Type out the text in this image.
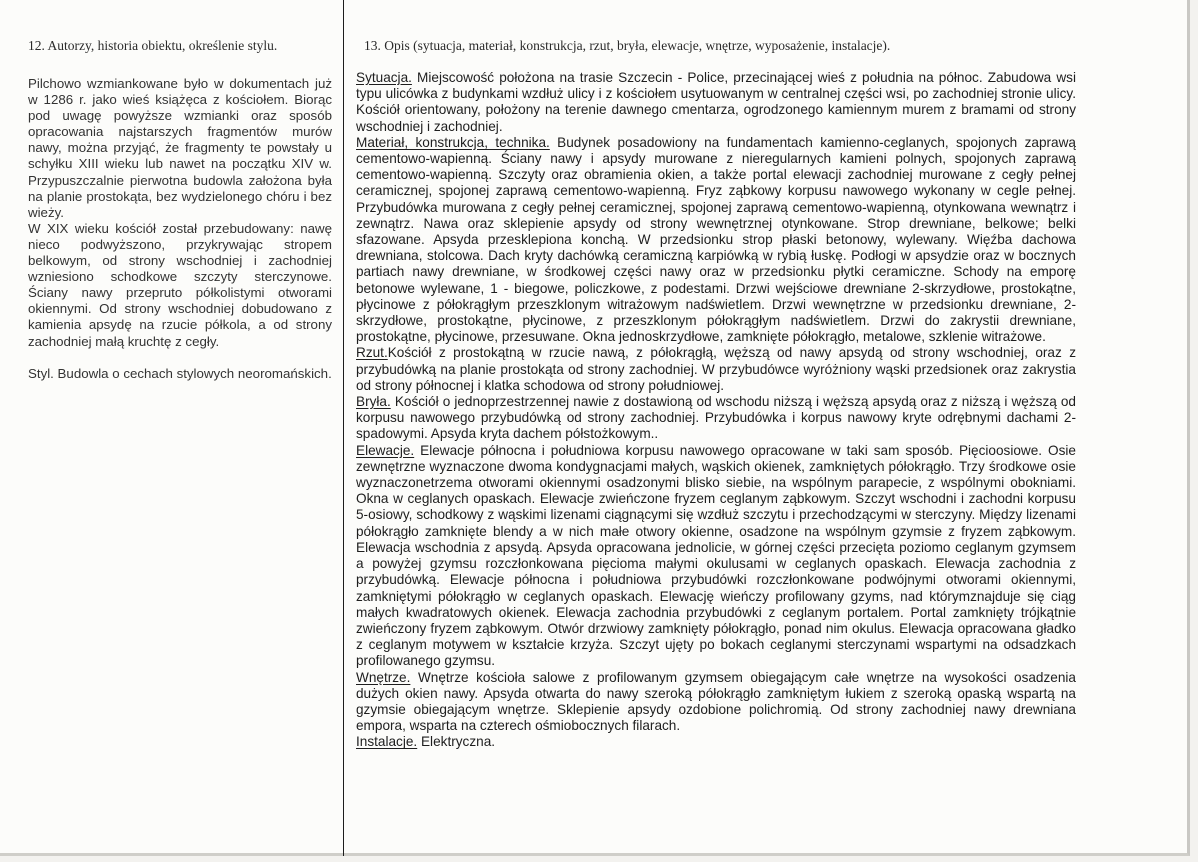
12. Autorzy, historia obiektu, określenie stylu.

Pilchowo wzmiankowane było w dokumentach już w 1286 r. jako wieś książęca z kościołem. Biorąc pod uwagę powyższe wzmianki oraz sposób opracowania najstarszych fragmentów murów nawy, można przyjąć, że fragmenty te powstały u schyłku XIII wieku lub nawet na początku XIV w. Przypuszczalnie pierwotna budowla założona była na planie prostokąta, bez wydzielonego chóru i bez wieży.

W XIX wieku kościół został przebudowany: nawę nieco podwyższono, przykrywając stropem belkowym, od strony wschodniej i zachodniej wzniesiono schodkowe szczyty sterczynowe. Ściany nawy przepruto półkolistymi otworami okiennymi. Od strony wschodniej dobudowano z kamienia apsydę na rzucie półkola, a od strony zachodniej małą kruchtę z cegły.

Styl. Budowla o cechach stylowych neoromańskich.

13. Opis (sytuacja, materiał, konstrukcja, rzut, bryła, elewacje, wnętrze, wyposażenie, instalacje).

Sytuacja. Miejscowość położona na trasie Szczecin - Police, przecinającej wieś z południa na północ. Zabudowa wsi typu ulicówka z budynkami wzdłuż ulicy i z kościołem usytuowanym w centralnej części wsi, po zachodniej stronie ulicy. Kościół orientowany, położony na terenie dawnego cmentarza, ogrodzonego kamiennym murem z bramami od strony wschodniej i zachodniej.

Materiał, konstrukcja, technika. Budynek posadowiony na fundamentach kamienno-ceglanych, spojonych zaprawą cementowo-wapienną. Ściany nawy i apsydy murowane z nieregularnych kamieni polnych, spojonych zaprawą cementowo-wapienną. Szczyty oraz obramienia okien, a także portal elewacji zachodniej murowane z cegły pełnej ceramicznej, spojonej zaprawą cementowo-wapienną. Fryz ząbkowy korpusu nawowego wykonany w cegle pełnej. Przybudówka murowana z cegły pełnej ceramicznej, spojonej zaprawą cementowo-wapienną, otynkowana wewnątrz i zewnątrz. Nawa oraz sklepienie apsydy od strony wewnętrznej otynkowane. Strop drewniane, belkowe; belki sfazowane. Apsyda przesklepiona konchą. W przedsionku strop płaski betonowy, wylewany. Więźba dachowa drewniana, stolcowa. Dach kryty dachówką ceramiczną karpiówką w rybią łuskę. Podłogi w apsydzie oraz w bocznych partiach nawy drewniane, w środkowej części nawy oraz w przedsionku płytki ceramiczne. Schody na emporę betonowe wylewane, 1 - biegowe, policzkowe, z podestami. Drzwi wejściowe drewniane 2-skrzydłowe, prostokątne, płycinowe z półokrągłym przeszklonym witrażowym nadświetlem. Drzwi wewnętrzne w przedsionku drewniane, 2-skrzydłowe, prostokątne, płycinowe, z przeszklonym półokrągłym nadświetlem. Drzwi do zakrystii drewniane, prostokątne, płycinowe, przesuwane. Okna jednoskrzydłowe, zamknięte półokrągło, metalowe, szklenie witrażowe.

Rzut.Kościół z prostokątną w rzucie nawą, z półokrągłą, węższą od nawy apsydą od strony wschodniej, oraz z przybudówką na planie prostokąta od strony zachodniej. W przybudówce wyróżniony wąski przedsionek oraz zakrystia od strony północnej i klatka schodowa od strony południowej.

Bryła. Kościół o jednoprzestrzennej nawie z dostawioną od wschodu niższą i węższą apsydą oraz z niższą i węższą od korpusu nawowego przybudówką od strony zachodniej. Przybudówka i korpus nawowy kryte odrębnymi dachami 2-spadowymi. Apsyda kryta dachem półstożkowym..

Elewacje. Elewacje północna i południowa korpusu nawowego opracowane w taki sam sposób. Pięcioosiowe. Osie zewnętrzne wyznaczone dwoma kondygnacjami małych, wąskich okienek, zamkniętych półokrągło. Trzy środkowe osie wyznaczonetrzema otworami okiennymi osadzonymi blisko siebie, na wspólnym parapecie, z wspólnymi obokniami. Okna w ceglanych opaskach. Elewacje zwieńczone fryzem ceglanym ząbkowym. Szczyt wschodni i zachodni korpusu 5-osiowy, schodkowy z wąskimi lizenami ciągnącymi się wzdłuż szczytu i przechodzącymi w sterczyny. Między lizenami półokrągło zamknięte blendy a w nich małe otwory okienne, osadzone na wspólnym gzymsie z fryzem ząbkowym. Elewacja wschodnia z apsydą. Apsyda opracowana jednolicie, w górnej części przecięta poziomo ceglanym gzymsem a powyżej gzymsu rozczłonkowana pięcioma małymi okulusami w ceglanych opaskach. Elewacja zachodnia z przybudówką. Elewacje północna i południowa przybudówki rozczłonkowane podwójnymi otworami okiennymi, zamkniętymi półokrągło w ceglanych opaskach. Elewację wieńczy profilowany gzyms, nad którymznajduje się ciąg małych kwadratowych okienek. Elewacja zachodnia przybudówki z ceglanym portalem. Portal zamknięty trójkątnie zwieńczony fryzem ząbkowym. Otwór drzwiowy zamknięty półokrągło, ponad nim okulus. Elewacja opracowana gładko z ceglanym motywem w kształcie krzyża. Szczyt ujęty po bokach ceglanymi sterczynami wspartymi na odsadzkach profilowanego gzymsu.

Wnętrze. Wnętrze kościoła salowe z profilowanym gzymsem obiegającym całe wnętrze na wysokości osadzenia dużych okien nawy. Apsyda otwarta do nawy szeroką półokrągło zamkniętym łukiem z szeroką opaską wspartą na gzymsie obiegającym wnętrze. Sklepienie apsydy ozdobione polichromią. Od strony zachodniej nawy drewniana empora, wsparta na czterech ośmiobocznych filarach.

Instalacje. Elektryczna.
